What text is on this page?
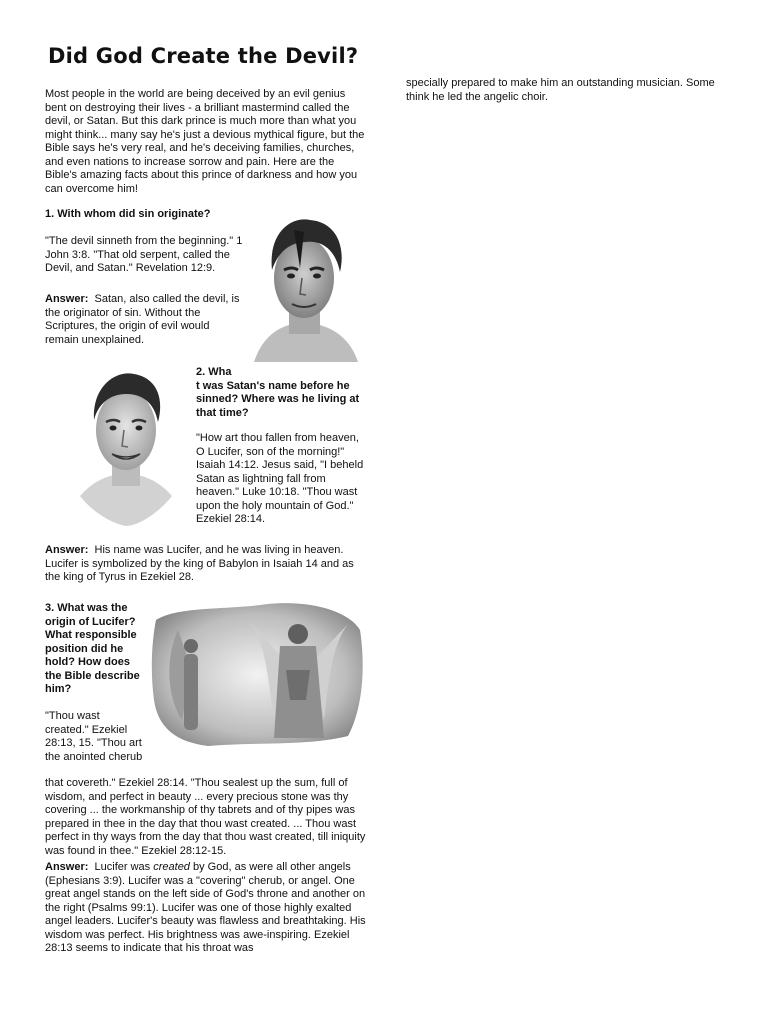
Did God Create the Devil?

Most people in the world are being deceived by an evil genius bent on destroying their lives - a brilliant mastermind called the devil, or Satan. But this dark prince is much more than what you might think... many say he's just a devious mythical figure, but the Bible says he's very real, and he's deceiving families, churches, and even nations to increase sorrow and pain. Here are the Bible's amazing facts about this prince of darkness and how you can overcome him!

1. With whom did sin originate?

"The devil sinneth from the beginning." 1 John 3:8. "That old serpent, called the Devil, and Satan." Revelation 12:9.

Answer: Satan, also called the devil, is the originator of sin. Without the Scriptures, the origin of evil would remain unexplained.

2. Wha
t was Satan's name before he sinned? Where was he living at that time?

"How art thou fallen from heaven, O Lucifer, son of the morning!" Isaiah 14:12. Jesus said, "I beheld Satan as lightning fall from heaven." Luke 10:18. "Thou wast upon the holy mountain of God." Ezekiel 28:14.

Answer: His name was Lucifer, and he was living in heaven. Lucifer is symbolized by the king of Babylon in Isaiah 14 and as the king of Tyrus in Ezekiel 28.

3. What was the origin of Lucifer? What responsible position did he hold? How does the Bible describe him?

"Thou wast created." Ezekiel 28:13, 15. "Thou art the anointed cherub

that covereth." Ezekiel 28:14. "Thou sealest up the sum, full of wisdom, and perfect in beauty ... every precious stone was thy covering ... the workmanship of thy tabrets and of thy pipes was prepared in thee in the day that thou wast created. ... Thou wast perfect in thy ways from the day that thou wast created, till iniquity was found in thee." Ezekiel 28:12-15.

Answer: Lucifer was created by God, as were all other angels (Ephesians 3:9). Lucifer was a "covering" cherub, or angel. One great angel stands on the left side of God's throne and another on the right (Psalms 99:1). Lucifer was one of those highly exalted angel leaders. Lucifer's beauty was flawless and breathtaking. His wisdom was perfect. His brightness was awe-inspiring. Ezekiel 28:13 seems to indicate that his throat was

specially prepared to make him an outstanding musician. Some think he led the angelic choir.
